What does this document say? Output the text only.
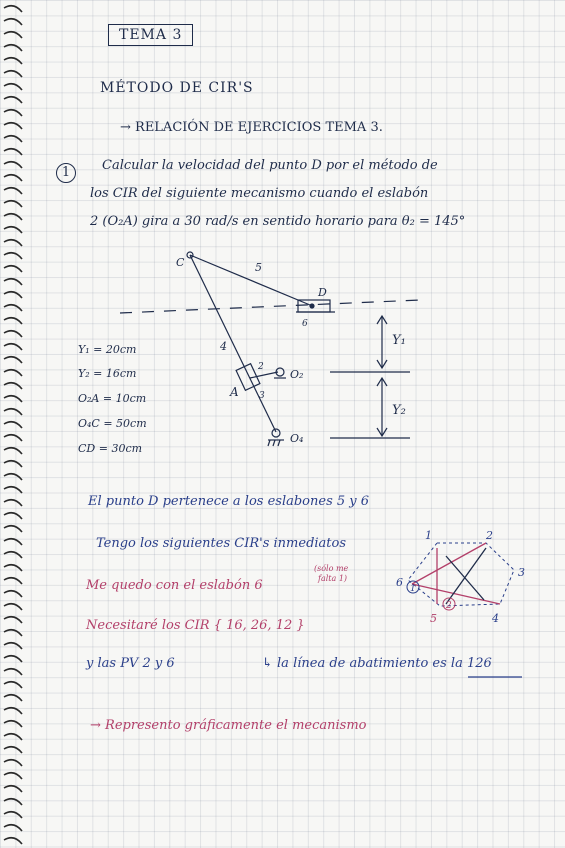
TEMA 3
MÉTODO DE CIR'S
→ RELACIÓN DE EJERCICIOS TEMA 3.
1	Calcular la velocidad del punto D por el método de
los CIR del siguiente mecanismo cuando el eslabón
2 (O₂A) gira a 30 rad/s en sentido horario para θ₂ = 145°
Y₁ = 20cm
Y₂ = 16cm
O₂A = 10cm
O₄C = 50cm
CD = 30cm
C
D
A
O₂
O₄
2
3
4
5
6
Y₁
Y₂
El punto D pertenece a los eslabones 5 y 6
Tengo los siguientes CIR's inmediatos
Me quedo con el eslabón 6
(sólo me
falta 1)
Necesitaré los CIR { 16, 26, 12 }
y las PV 2 y 6	↳ la línea de abatimiento es la 126
→ Represento gráficamente el mecanismo
1	2
3
4
5
6 1
2
